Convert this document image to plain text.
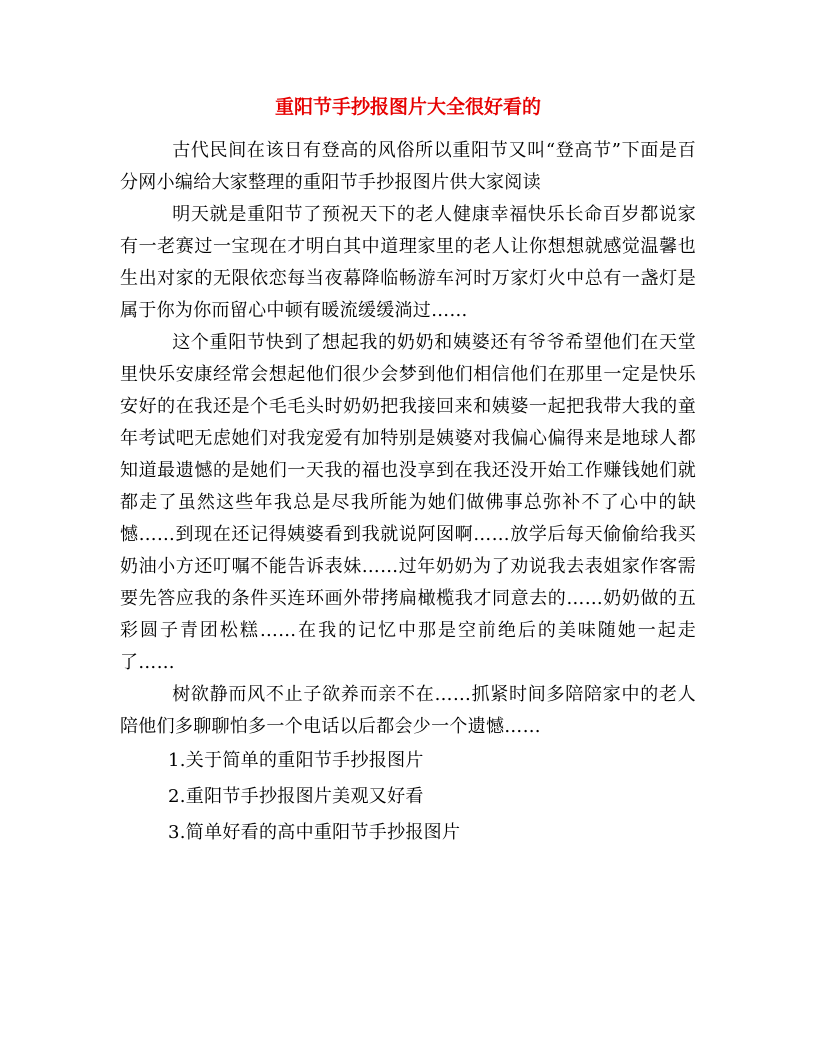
重阳节手抄报图片大全很好看的

古代民间在该日有登高的风俗所以重阳节又叫“登高节”下面是百分网小编给大家整理的重阳节手抄报图片供大家阅读

明天就是重阳节了预祝天下的老人健康幸福快乐长命百岁都说家有一老赛过一宝现在才明白其中道理家里的老人让你想想就感觉温馨也生出对家的无限依恋每当夜幕降临畅游车河时万家灯火中总有一盏灯是属于你为你而留心中顿有暖流缓缓淌过……

这个重阳节快到了想起我的奶奶和姨婆还有爷爷希望他们在天堂里快乐安康经常会想起他们很少会梦到他们相信他们在那里一定是快乐安好的在我还是个毛毛头时奶奶把我接回来和姨婆一起把我带大我的童年考试吧无虑她们对我宠爱有加特别是姨婆对我偏心偏得来是地球人都知道最遗憾的是她们一天我的福也没享到在我还没开始工作赚钱她们就都走了虽然这些年我总是尽我所能为她们做佛事总弥补不了心中的缺憾……到现在还记得姨婆看到我就说阿囡啊……放学后每天偷偷给我买奶油小方还叮嘱不能告诉表妹……过年奶奶为了劝说我去表姐家作客需要先答应我的条件买连环画外带拷扁橄榄我才同意去的……奶奶做的五彩圆子青团松糕……在我的记忆中那是空前绝后的美味随她一起走了……

树欲静而风不止子欲养而亲不在……抓紧时间多陪陪家中的老人陪他们多聊聊怕多一个电话以后都会少一个遗憾……

1.关于简单的重阳节手抄报图片
2.重阳节手抄报图片美观又好看
3.简单好看的高中重阳节手抄报图片
